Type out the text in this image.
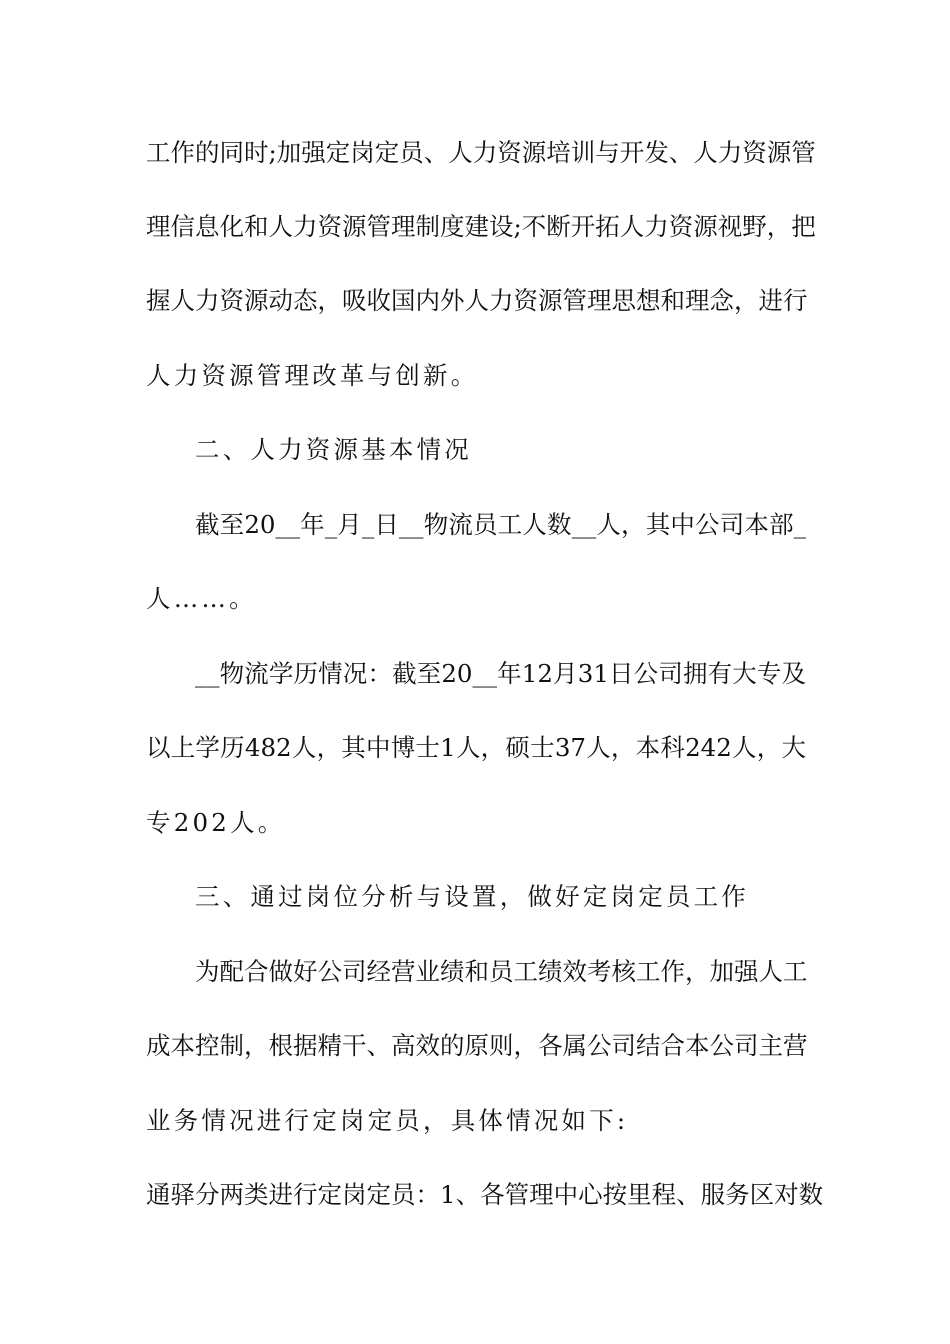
工作的同时;加强定岗定员、人力资源培训与开发、人力资源管
理信息化和人力资源管理制度建设;不断开拓人力资源视野，把
握人力资源动态，吸收国内外人力资源管理思想和理念，进行
人力资源管理改革与创新。
二、人力资源基本情况
截至20__年_月_日__物流员工人数__人，其中公司本部_
人……。
__物流学历情况：截至20__年12月31日公司拥有大专及
以上学历482人，其中博士1人，硕士37人，本科242人，大
专202人。
三、通过岗位分析与设置，做好定岗定员工作
为配合做好公司经营业绩和员工绩效考核工作，加强人工
成本控制，根据精干、高效的原则，各属公司结合本公司主营
业务情况进行定岗定员，具体情况如下:
通驿分两类进行定岗定员：1、各管理中心按里程、服务区对数
